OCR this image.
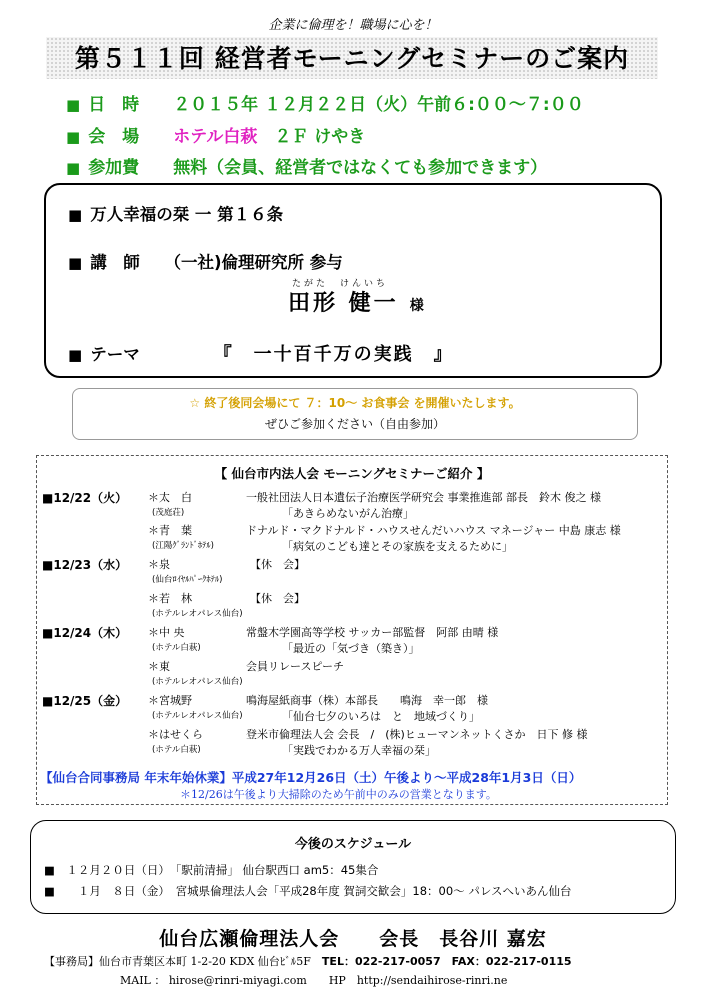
企業に倫理を！職場に心を！
第５１１回 経営者モーニングセミナーのご案内
■ 日　時　　 ２０１５年 １２月２２日（火）午前６:００〜７:００
■ 会　場　　 ホテル白萩　 ２Ｆ けやき
■ 参加費　　 無料（会員、経営者ではなくても参加できます）
■ 万人幸福の栞 一 第１６条
■ 講　師　　 （一社)倫理研究所 参与
たがた　けんいち
田形 健一 様
■ テーマ	『　一十百千万の実践　』
☆ 終了後同会場にて ７：10〜 お食事会 を開催いたします。
ぜひご参加ください（自由参加）
【 仙台市内法人会 モーニングセミナーご紹介 】
■12/22（火） ＊太　白
(茂庭荘)
一般社団法人日本遺伝子治療医学研究会 事業推進部 部長　鈴木 俊之 様
「あきらめないがん治療」
＊青　葉
(江陽ｸﾞﾗﾝﾄﾞﾎﾃﾙ)
ドナルド・マクドナルド・ハウスせんだいハウス マネージャー 中島 康志 様
「病気のこども達とその家族を支えるために」
■12/23（水） ＊泉
(仙台ﾛｲﾔﾙﾊﾟｰｸﾎﾃﾙ)
【休　会】
＊若　林
(ホテルレオパレス仙台)
【休　会】
■12/24（木） ＊中 央
(ホテル白萩)
常盤木学園高等学校 サッカー部監督　阿部 由晴 様
「最近の「気づき（築き）」
＊東
(ホテルレオパレス仙台)
会員リレースピーチ
■12/25（金） ＊宮城野
(ホテルレオパレス仙台)
鳴海屋紙商事（株）本部長　　鳴海　幸一郎　様
「仙台七夕のいろは　と　地域づくり」
＊はせくら
(ホテル白萩)
登米市倫理法人会 会長　/　(株)ヒューマンネットくさか　日下 修 様
「実践でわかる万人幸福の栞」
【仙台合同事務局 年末年始休業】平成27年12月26日（土）午後より〜平成28年1月3日（日）
＊12/26は午後より大掃除のため午前中のみの営業となります。
今後のスケジュール
■　１２月２０日（日）　「駅前清掃」 仙台駅西口 am5：45集合
■　　１月　８日（金）　宮城県倫理法人会「平成28年度 賀詞交歓会」18：00〜 パレスへいあん仙台
仙台広瀬倫理法人会　　会長　長谷川 嘉宏
【事務局】仙台市青葉区本町 1-2-20 KDX 仙台ﾋﾞﾙ5F　 TEL：022-217-0057　FAX：022-217-0115
MAIL ： hirose@rinri-miyagi.com　　HP　http://sendaihirose-rinri.ne
